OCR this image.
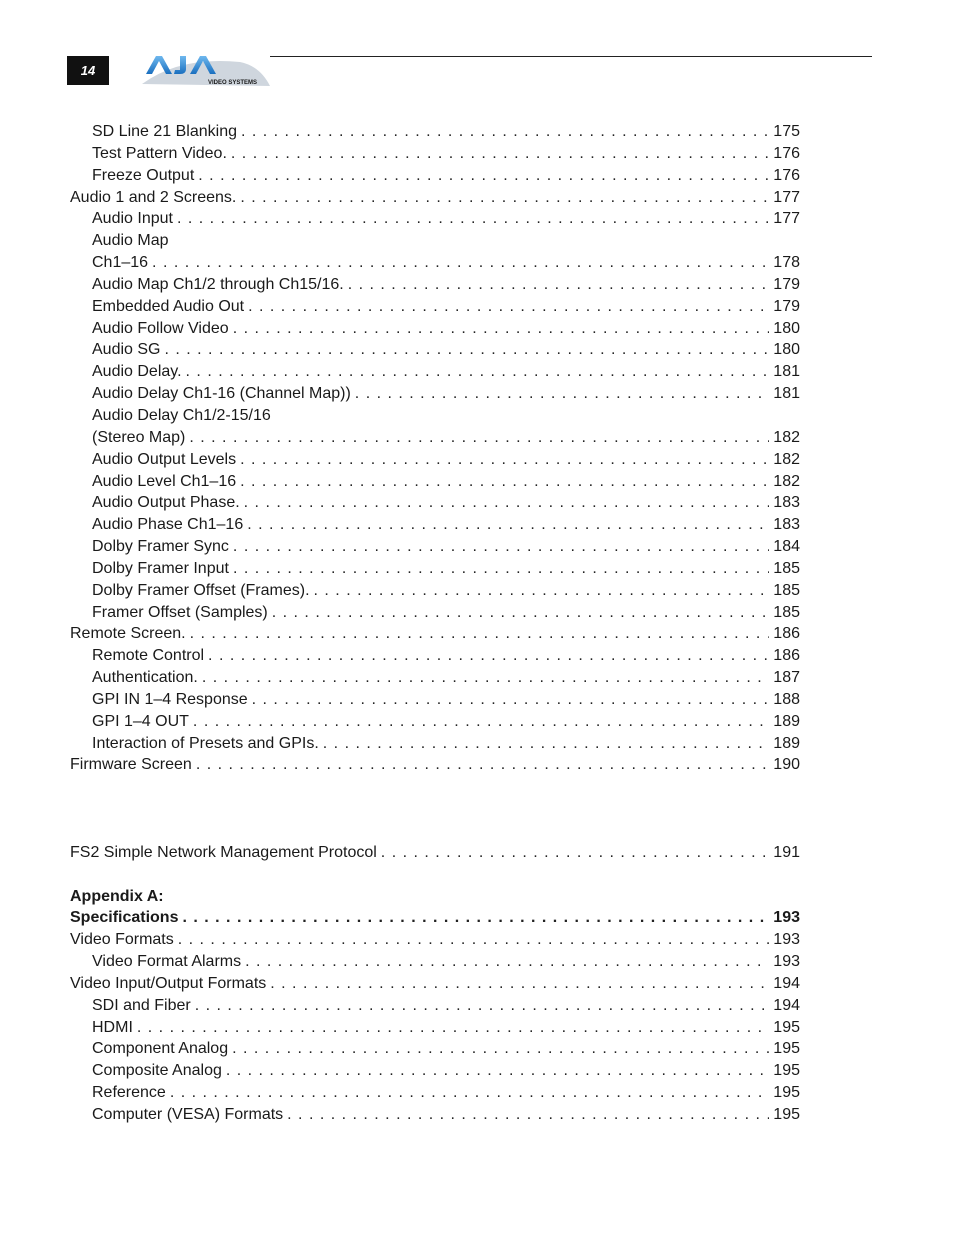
14
VIDEO SYSTEMS
SD Line 21 Blanking . . .	175
Test Pattern Video. . . .	176
Freeze Output . . .	176
Audio 1 and 2 Screens. . . .	177
Audio Input . . .	177
Audio Map
Ch1–16 . . .	178
Audio Map Ch1/2 through Ch15/16. . . .	179
Embedded Audio Out . . .	179
Audio Follow Video . . .	180
Audio SG . . .	180
Audio Delay. . . .	181
Audio Delay Ch1-16 (Channel Map)) . . .	181
Audio Delay Ch1/2-15/16
(Stereo Map) . . .	182
Audio Output Levels . . .	182
Audio Level Ch1–16 . . .	182
Audio Output Phase. . . .	183
Audio Phase Ch1–16 . . .	183
Dolby Framer Sync . . .	184
Dolby Framer Input . . .	185
Dolby Framer Offset (Frames). . . .	185
Framer Offset (Samples) . . .	185
Remote Screen. . . .	186
Remote Control . . .	186
Authentication. . . .	187
GPI IN 1–4 Response . . .	188
GPI 1–4 OUT . . .	189
Interaction of Presets and GPIs. . . .	189
Firmware Screen . . .	190
FS2 Simple Network Management Protocol . . .	191
Appendix A:
Specifications . . .	193
Video Formats . . .	193
Video Format Alarms . . .	193
Video Input/Output Formats . . .	194
SDI and Fiber . . .	194
HDMI . . .	195
Component Analog . . .	195
Composite Analog . . .	195
Reference . . .	195
Computer (VESA) Formats . . .	195
